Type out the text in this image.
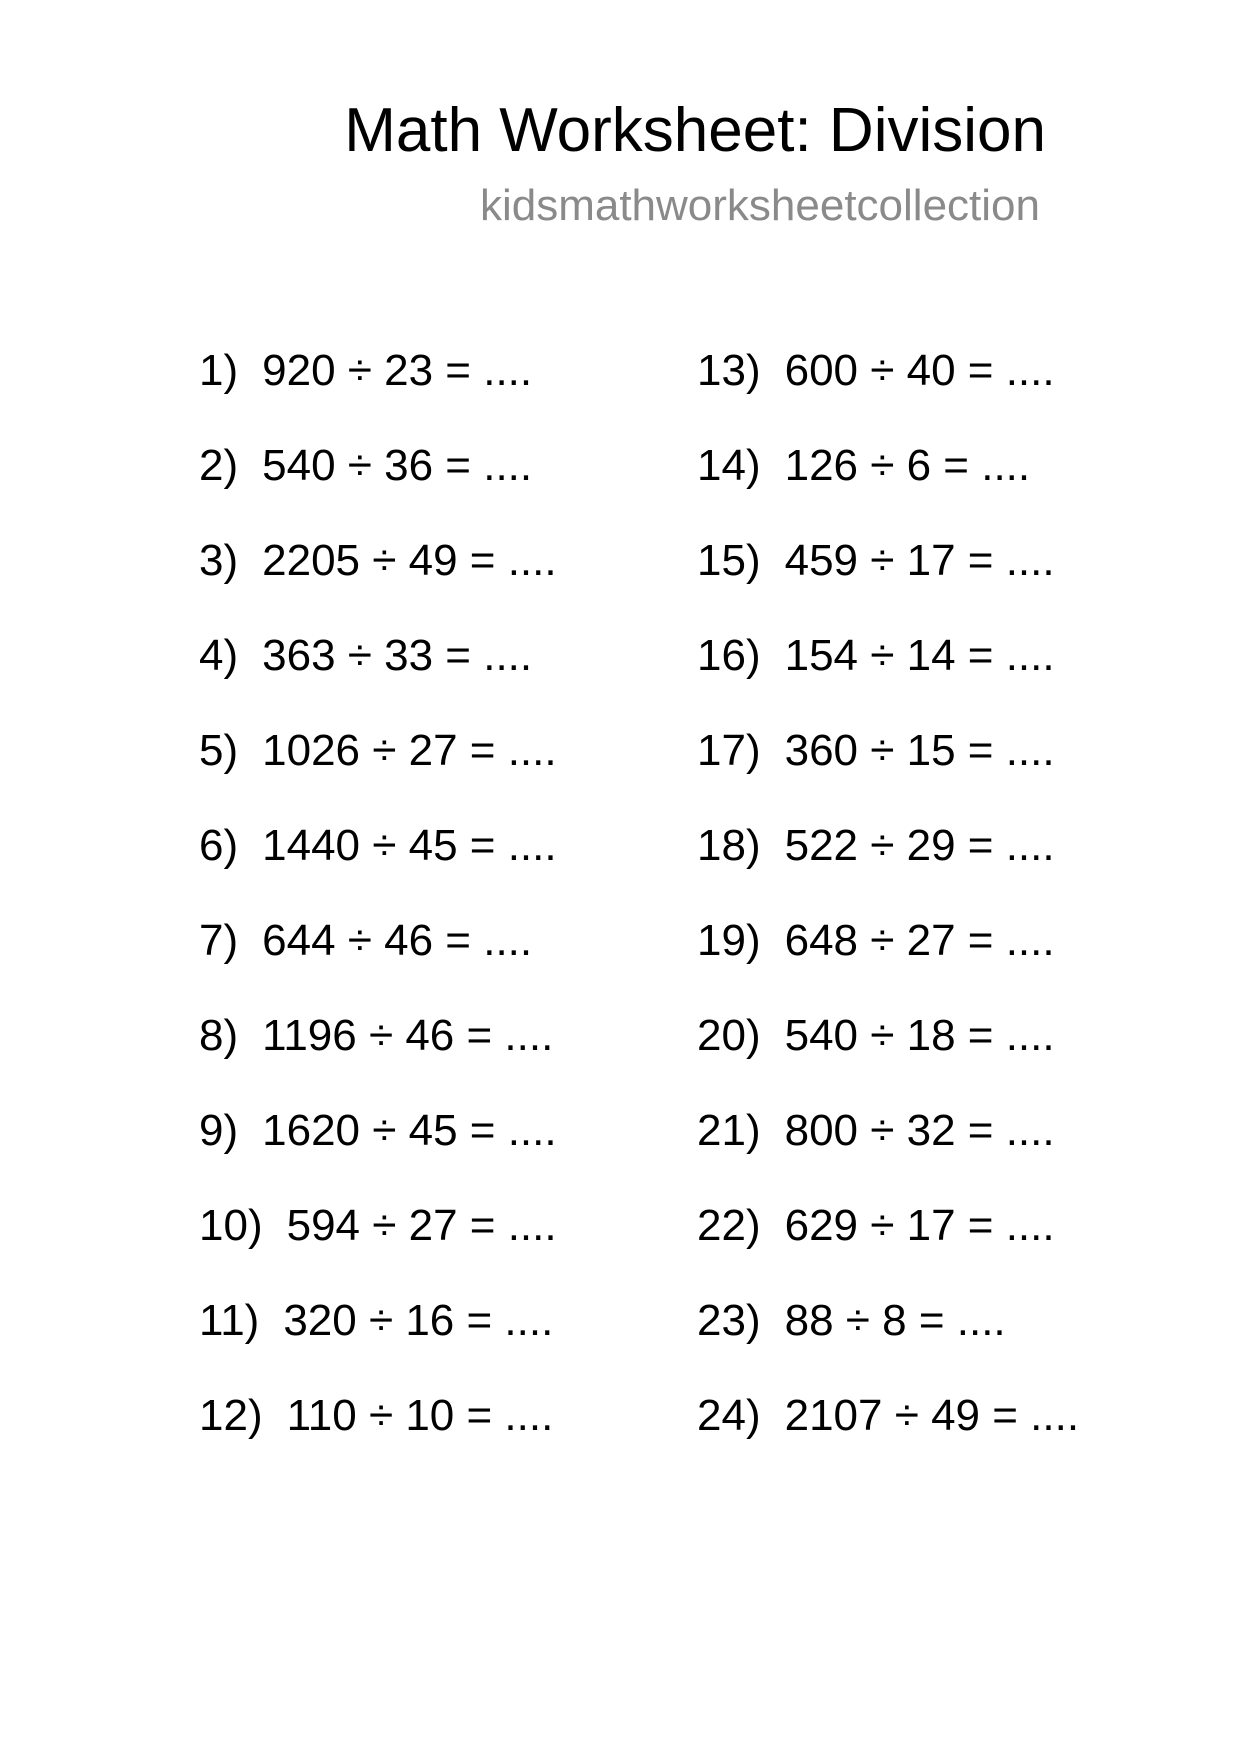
Math Worksheet: Division

kidsmathworksheetcollection

1) 920 ÷ 23 = ....
2) 540 ÷ 36 = ....
3) 2205 ÷ 49 = ....
4) 363 ÷ 33 = ....
5) 1026 ÷ 27 = ....
6) 1440 ÷ 45 = ....
7) 644 ÷ 46 = ....
8) 1196 ÷ 46 = ....
9) 1620 ÷ 45 = ....
10) 594 ÷ 27 = ....
11) 320 ÷ 16 = ....
12) 110 ÷ 10 = ....
13) 600 ÷ 40 = ....
14) 126 ÷ 6 = ....
15) 459 ÷ 17 = ....
16) 154 ÷ 14 = ....
17) 360 ÷ 15 = ....
18) 522 ÷ 29 = ....
19) 648 ÷ 27 = ....
20) 540 ÷ 18 = ....
21) 800 ÷ 32 = ....
22) 629 ÷ 17 = ....
23) 88 ÷ 8 = ....
24) 2107 ÷ 49 = ....
